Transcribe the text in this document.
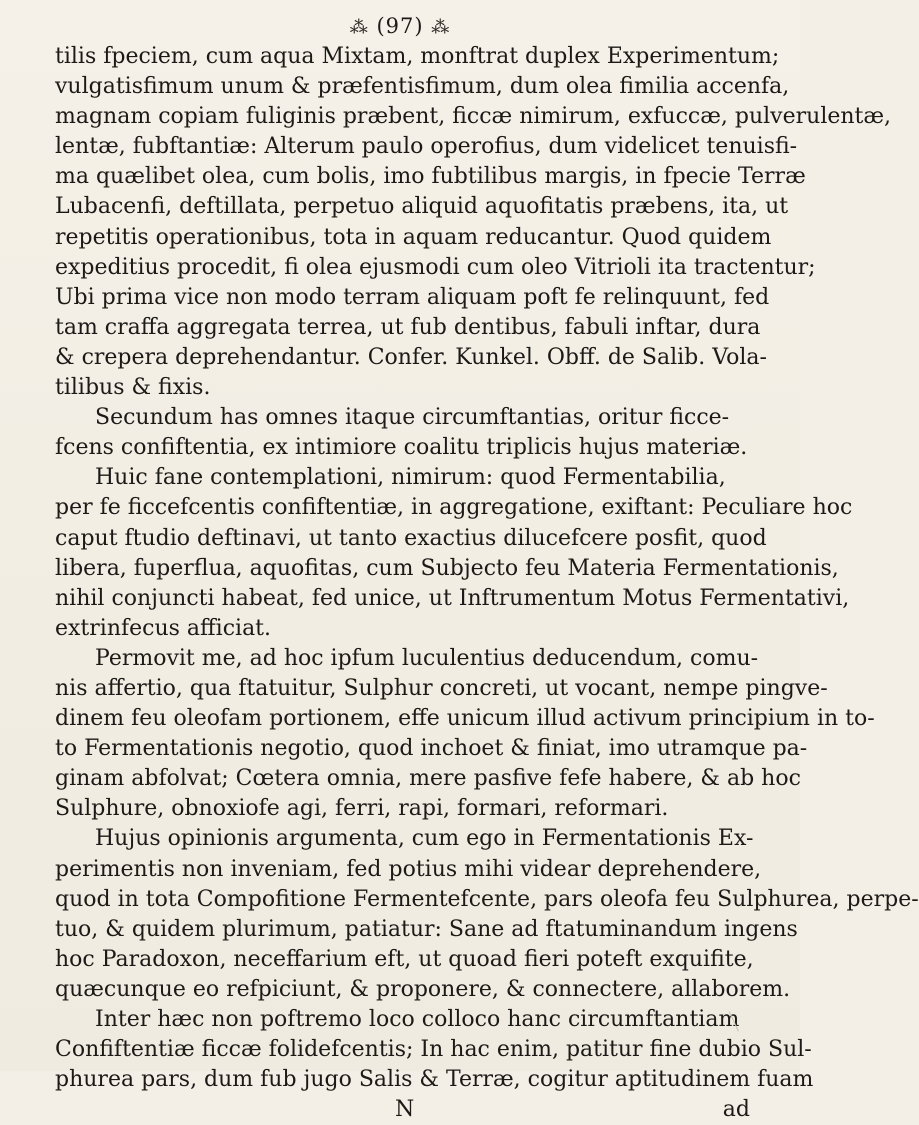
⁂ (97) ⁂
tilis fpeciem, cum aqua Mixtam, monftrat duplex Experimentum;
vulgatisfimum unum & præfentisfimum, dum olea fimilia accenfa,
magnam copiam fuliginis præbent, ficcæ nimirum, exfuccæ, pulverulentæ,
lentæ, fubftantiæ: Alterum paulo operofius, dum videlicet tenuisfi-
ma quælibet olea, cum bolis, imo fubtilibus margis, in fpecie Terræ
Lubacenfi, deftillata, perpetuo aliquid aquofitatis præbens, ita, ut
repetitis operationibus, tota in aquam reducantur. Quod quidem
expeditius procedit, fi olea ejusmodi cum oleo Vitrioli ita tractentur;
Ubi prima vice non modo terram aliquam poft fe relinquunt, fed
tam craffa aggregata terrea, ut fub dentibus, fabuli inftar, dura
& crepera deprehendantur. Confer. Kunkel. Obff. de Salib. Vola-
tilibus & fixis.
Secundum has omnes itaque circumftantias, oritur ficce-
fcens confiftentia, ex intimiore coalitu triplicis hujus materiæ.
Huic fane contemplationi, nimirum: quod Fermentabilia,
per fe ficcefcentis confiftentiæ, in aggregatione, exiftant: Peculiare hoc
caput ftudio deftinavi, ut tanto exactius dilucefcere posfit, quod
libera, fuperflua, aquofitas, cum Subjecto feu Materia Fermentationis,
nihil conjuncti habeat, fed unice, ut Inftrumentum Motus Fermentativi,
extrinfecus afficiat.
Permovit me, ad hoc ipfum luculentius deducendum, comu-
nis affertio, qua ftatuitur, Sulphur concreti, ut vocant, nempe pingve-
dinem feu oleofam portionem, effe unicum illud activum principium in to-
to Fermentationis negotio, quod inchoet & finiat, imo utramque pa-
ginam abfolvat; Cœtera omnia, mere pasfive fefe habere, & ab hoc
Sulphure, obnoxiofe agi, ferri, rapi, formari, reformari.
Hujus opinionis argumenta, cum ego in Fermentationis Ex-
perimentis non inveniam, fed potius mihi videar deprehendere,
quod in tota Compofitione Fermentefcente, pars oleofa feu Sulphurea, perpe-
tuo, & quidem plurimum, patiatur: Sane ad ftatuminandum ingens
hoc Paradoxon, neceffarium eft, ut quoad fieri poteft exquifite,
quæcunque eo refpiciunt, & proponere, & connectere, allaborem.
Inter hæc non poftremo loco colloco hanc circumftantiam
Confiftentiæ ficcæ folidefcentis; In hac enim, patitur fine dubio Sul-
phurea pars, dum fub jugo Salis & Terræ, cogitur aptitudinem fuam
N	ad
